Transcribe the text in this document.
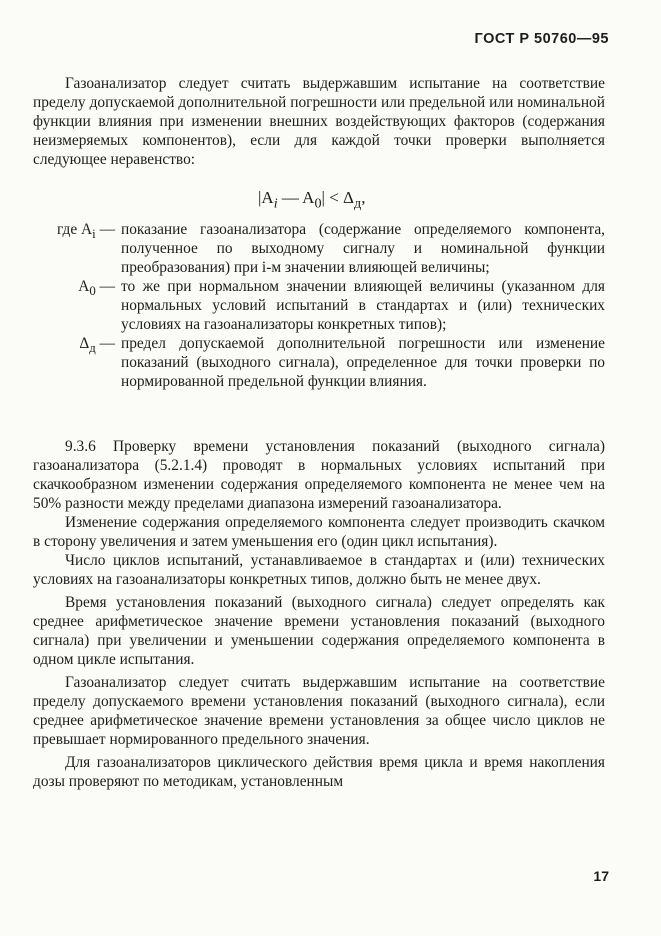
ГОСТ Р 50760—95

Газоанализатор следует считать выдержавшим испытание на соответствие пределу допускаемой дополнительной погрешности или предельной или номинальной функции влияния при изменении внешних воздействующих факторов (содержания неизмеряемых компонентов), если для каждой точки проверки выполняется следующее неравенство:

$|A_i$ — $A_0| < \Delta_д$,
где $A_i$ — показание газоанализатора (содержание определяемого компонента, полученное по выходному сигналу и номинальной функции преобразования) при i-м значении влияющей величины;
$A_0$ — то же при нормальном значении влияющей величины (указанном для нормальных условий испытаний в стандартах и (или) технических условиях на газоанализаторы конкретных типов);
$\Delta_д$ — предел допускаемой дополнительной погрешности или изменение показаний (выходного сигнала), определенное для точки проверки по нормированной предельной функции влияния.

9.3.6 Проверку времени установления показаний (выходного сигнала) газоанализатора (5.2.1.4) проводят в нормальных условиях испытаний при скачкообразном изменении содержания определяемого компонента не менее чем на 50% разности между пределами диапазона измерений газоанализатора.

Изменение содержания определяемого компонента следует производить скачком в сторону увеличения и затем уменьшения его (один цикл испытания).

Число циклов испытаний, устанавливаемое в стандартах и (или) технических условиях на газоанализаторы конкретных типов, должно быть не менее двух.

Время установления показаний (выходного сигнала) следует определять как среднее арифметическое значение времени установления показаний (выходного сигнала) при увеличении и уменьшении содержания определяемого компонента в одном цикле испытания.

Газоанализатор следует считать выдержавшим испытание на соответствие пределу допускаемого времени установления показаний (выходного сигнала), если среднее арифметическое значение времени установления за общее число циклов не превышает нормированного предельного значения.

Для газоанализаторов циклического действия время цикла и время накопления дозы проверяют по методикам, установленным

17
